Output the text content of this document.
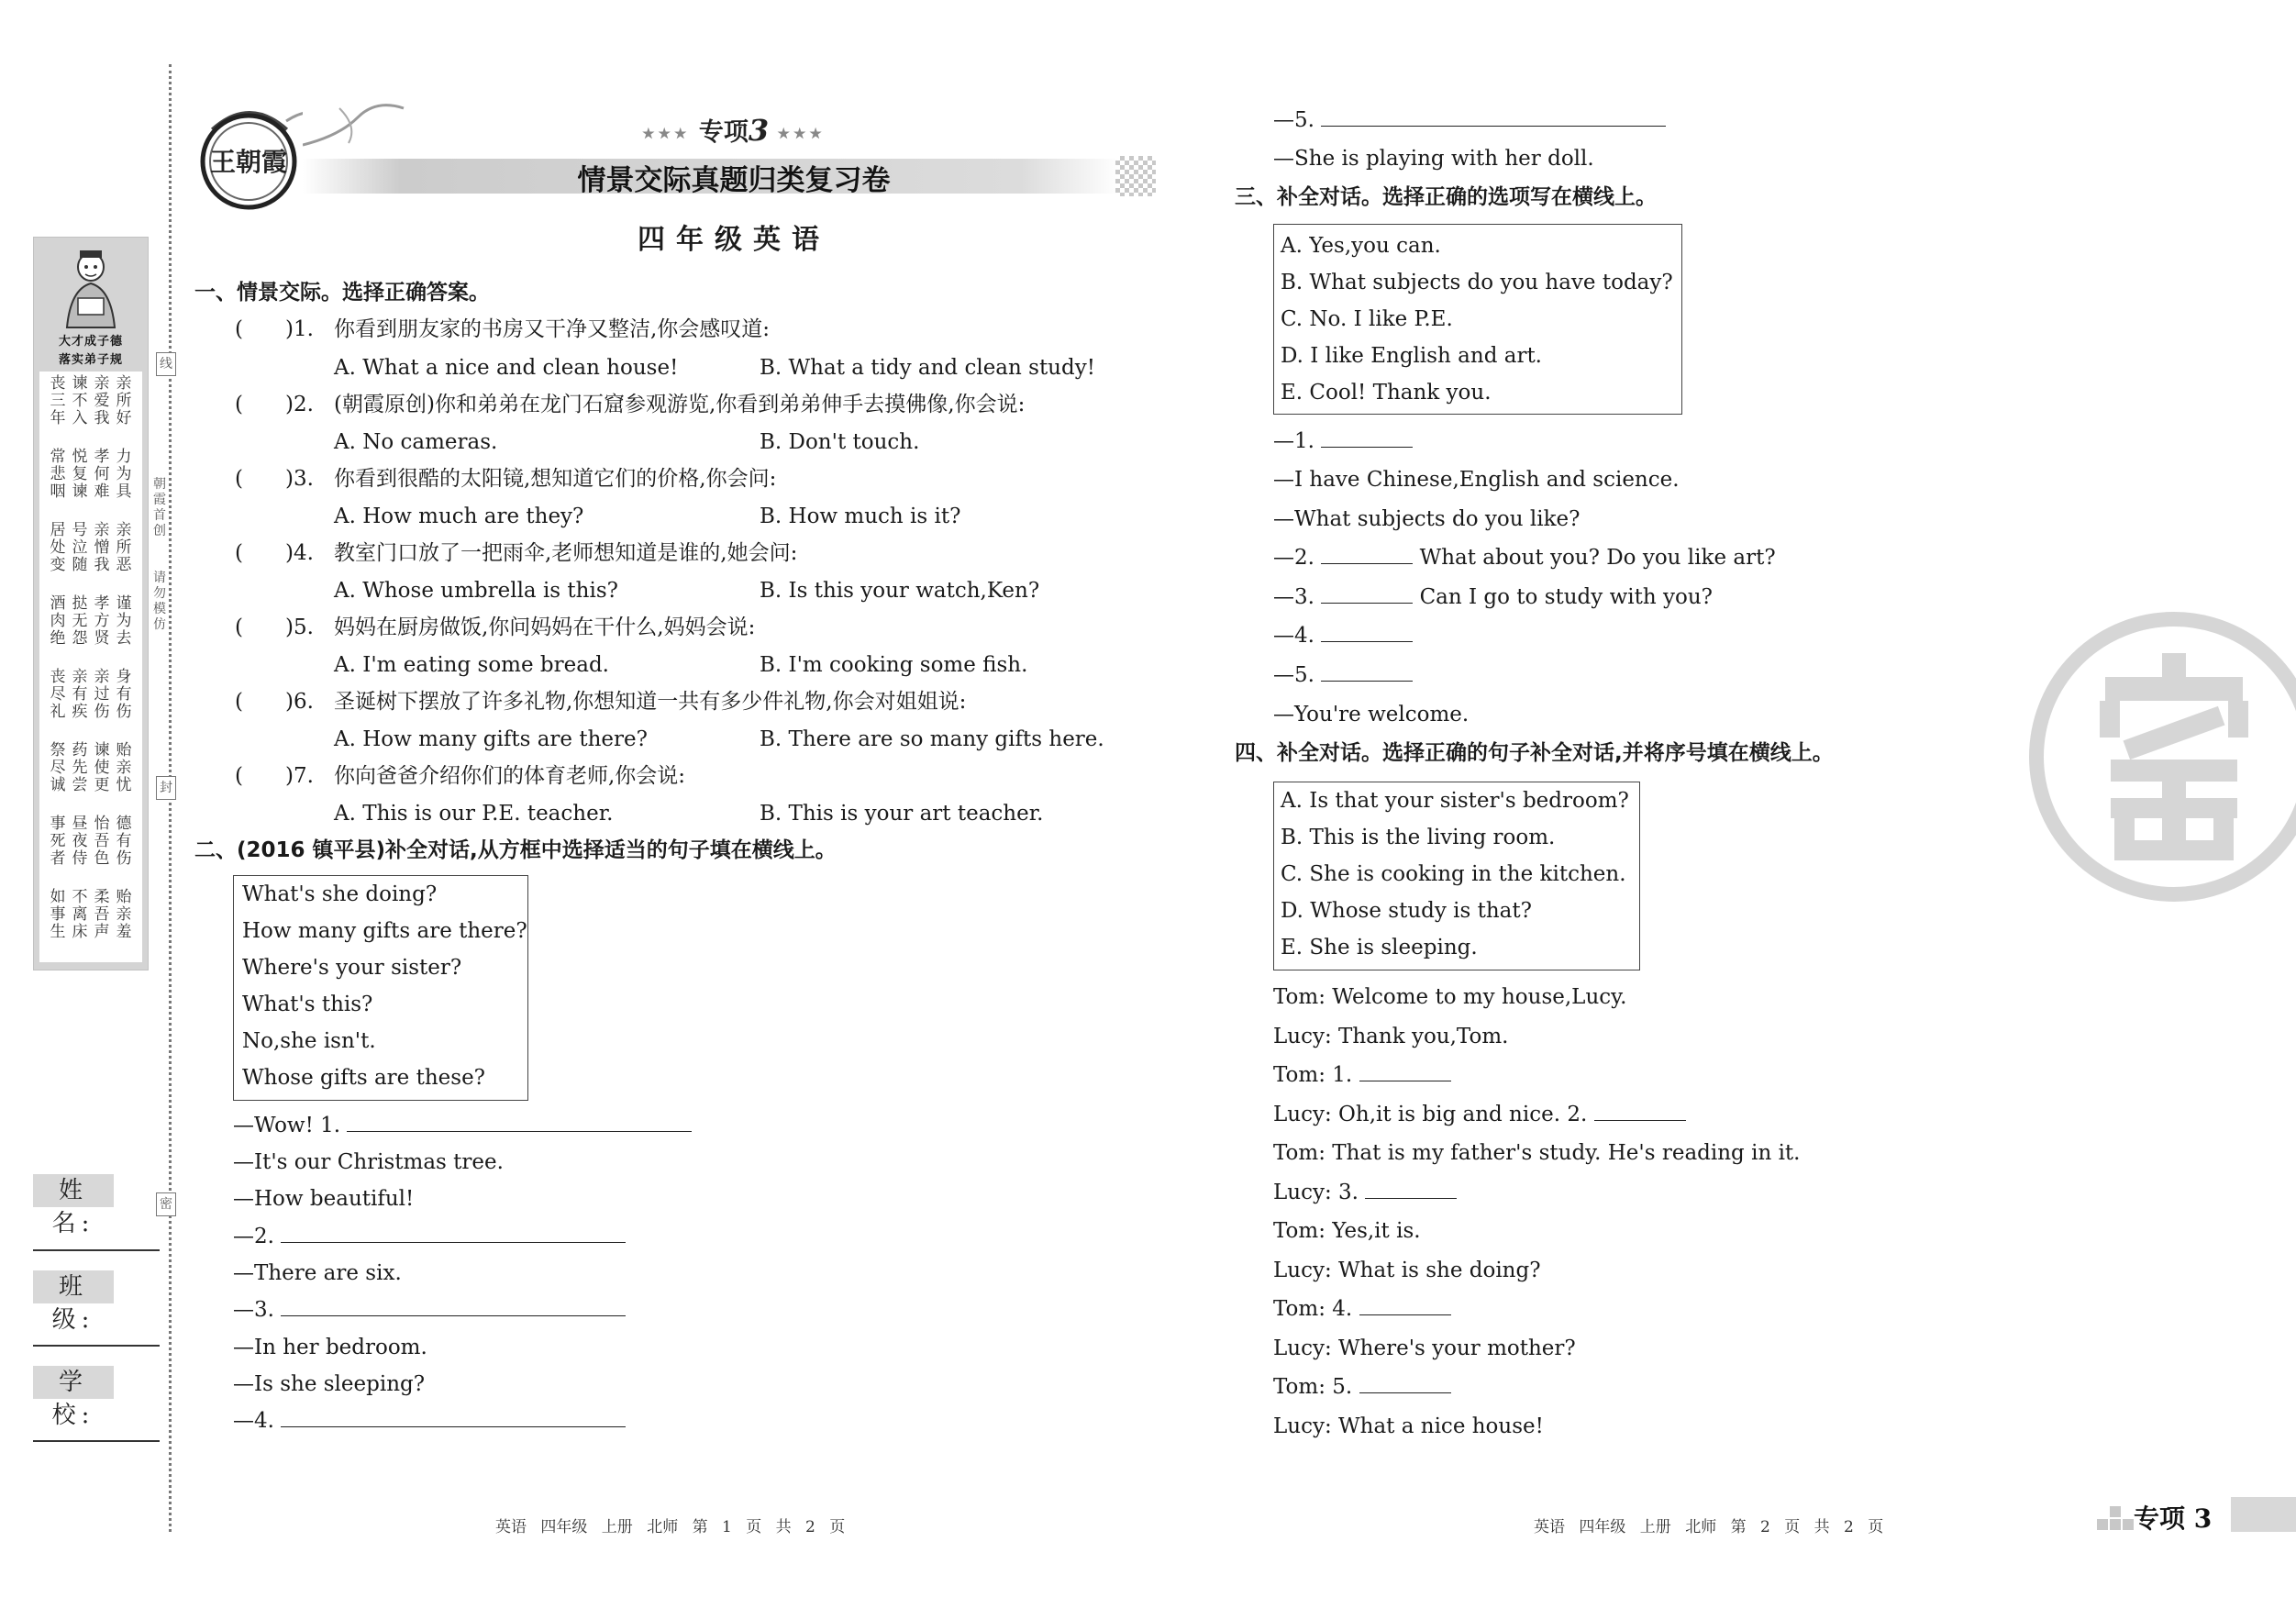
大才成子德
落实弟子规
丧
三
年
谏
不
入
亲
爱
我
亲
所
好
常
悲
咽
悦
复
谏
孝
何
难
力
为
具
居
处
变
号
泣
随
亲
憎
我
亲
所
恶
酒
肉
绝
挞
无
怨
孝
方
贤
谨
为
去
丧
尽
礼
亲
有
疾
亲
过
伤
身
有
伤
祭
尽
诚
药
先
尝
谏
使
更
贻
亲
忧
事
死
者
昼
夜
侍
怡
吾
色
德
有
伤
如
事
生
不
离
床
柔
吾
声
贻
亲
羞
线
朝
霞
首
创
请
勿
模
仿
封
密
姓 名:
班 级:
学 校:
王朝霞
★★★ 专项3 ★★★
情景交际真题归类复习卷
四年级英语
一、情景交际。选择正确答案。
(　　)1. 你看到朋友家的书房又干净又整洁,你会感叹道:
A. What a nice and clean house!	B. What a tidy and clean study!
(　　)2. (朝霞原创)你和弟弟在龙门石窟参观游览,你看到弟弟伸手去摸佛像,你会说:
A. No cameras.	B. Don't touch.
(　　)3. 你看到很酷的太阳镜,想知道它们的价格,你会问:
A. How much are they?	B. How much is it?
(　　)4. 教室门口放了一把雨伞,老师想知道是谁的,她会问:
A. Whose umbrella is this?	B. Is this your watch,Ken?
(　　)5. 妈妈在厨房做饭,你问妈妈在干什么,妈妈会说:
A. I'm eating some bread.	B. I'm cooking some fish.
(　　)6. 圣诞树下摆放了许多礼物,你想知道一共有多少件礼物,你会对姐姐说:
A. How many gifts are there?	B. There are so many gifts here.
(　　)7. 你向爸爸介绍你们的体育老师,你会说:
A. This is our P.E. teacher.	B. This is your art teacher.
二、(2016 镇平县)补全对话,从方框中选择适当的句子填在横线上。
What's she doing?
How many gifts are there?
Where's your sister?
What's this?
No,she isn't.
Whose gifts are these?
—Wow! 1.
—It's our Christmas tree.
—How beautiful!
—2.
—There are six.
—3.
—In her bedroom.
—Is she sleeping?
—4.
—5.
—She is playing with her doll.
三、补全对话。选择正确的选项写在横线上。
A. Yes,you can.
B. What subjects do you have today?
C. No. I like P.E.
D. I like English and art.
E. Cool! Thank you.
—1.
—I have Chinese,English and science.
—What subjects do you like?
—2.	What about you? Do you like art?
—3.	Can I go to study with you?
—4.
—5.
—You're welcome.
四、补全对话。选择正确的句子补全对话,并将序号填在横线上。
A. Is that your sister's bedroom?
B. This is the living room.
C. She is cooking in the kitchen.
D. Whose study is that?
E. She is sleeping.
Tom: Welcome to my house,Lucy.
Lucy: Thank you,Tom.
Tom: 1.
Lucy: Oh,it is big and nice. 2.
Tom: That is my father's study. He's reading in it.
Lucy: 3.
Tom: Yes,it is.
Lucy: What is she doing?
Tom: 4.
Lucy: Where's your mother?
Tom: 5.
Lucy: What a nice house!
英语 四年级 上册 北师 第 1 页 共 2 页	英语 四年级 上册 北师 第 2 页 共 2 页	专项 3
